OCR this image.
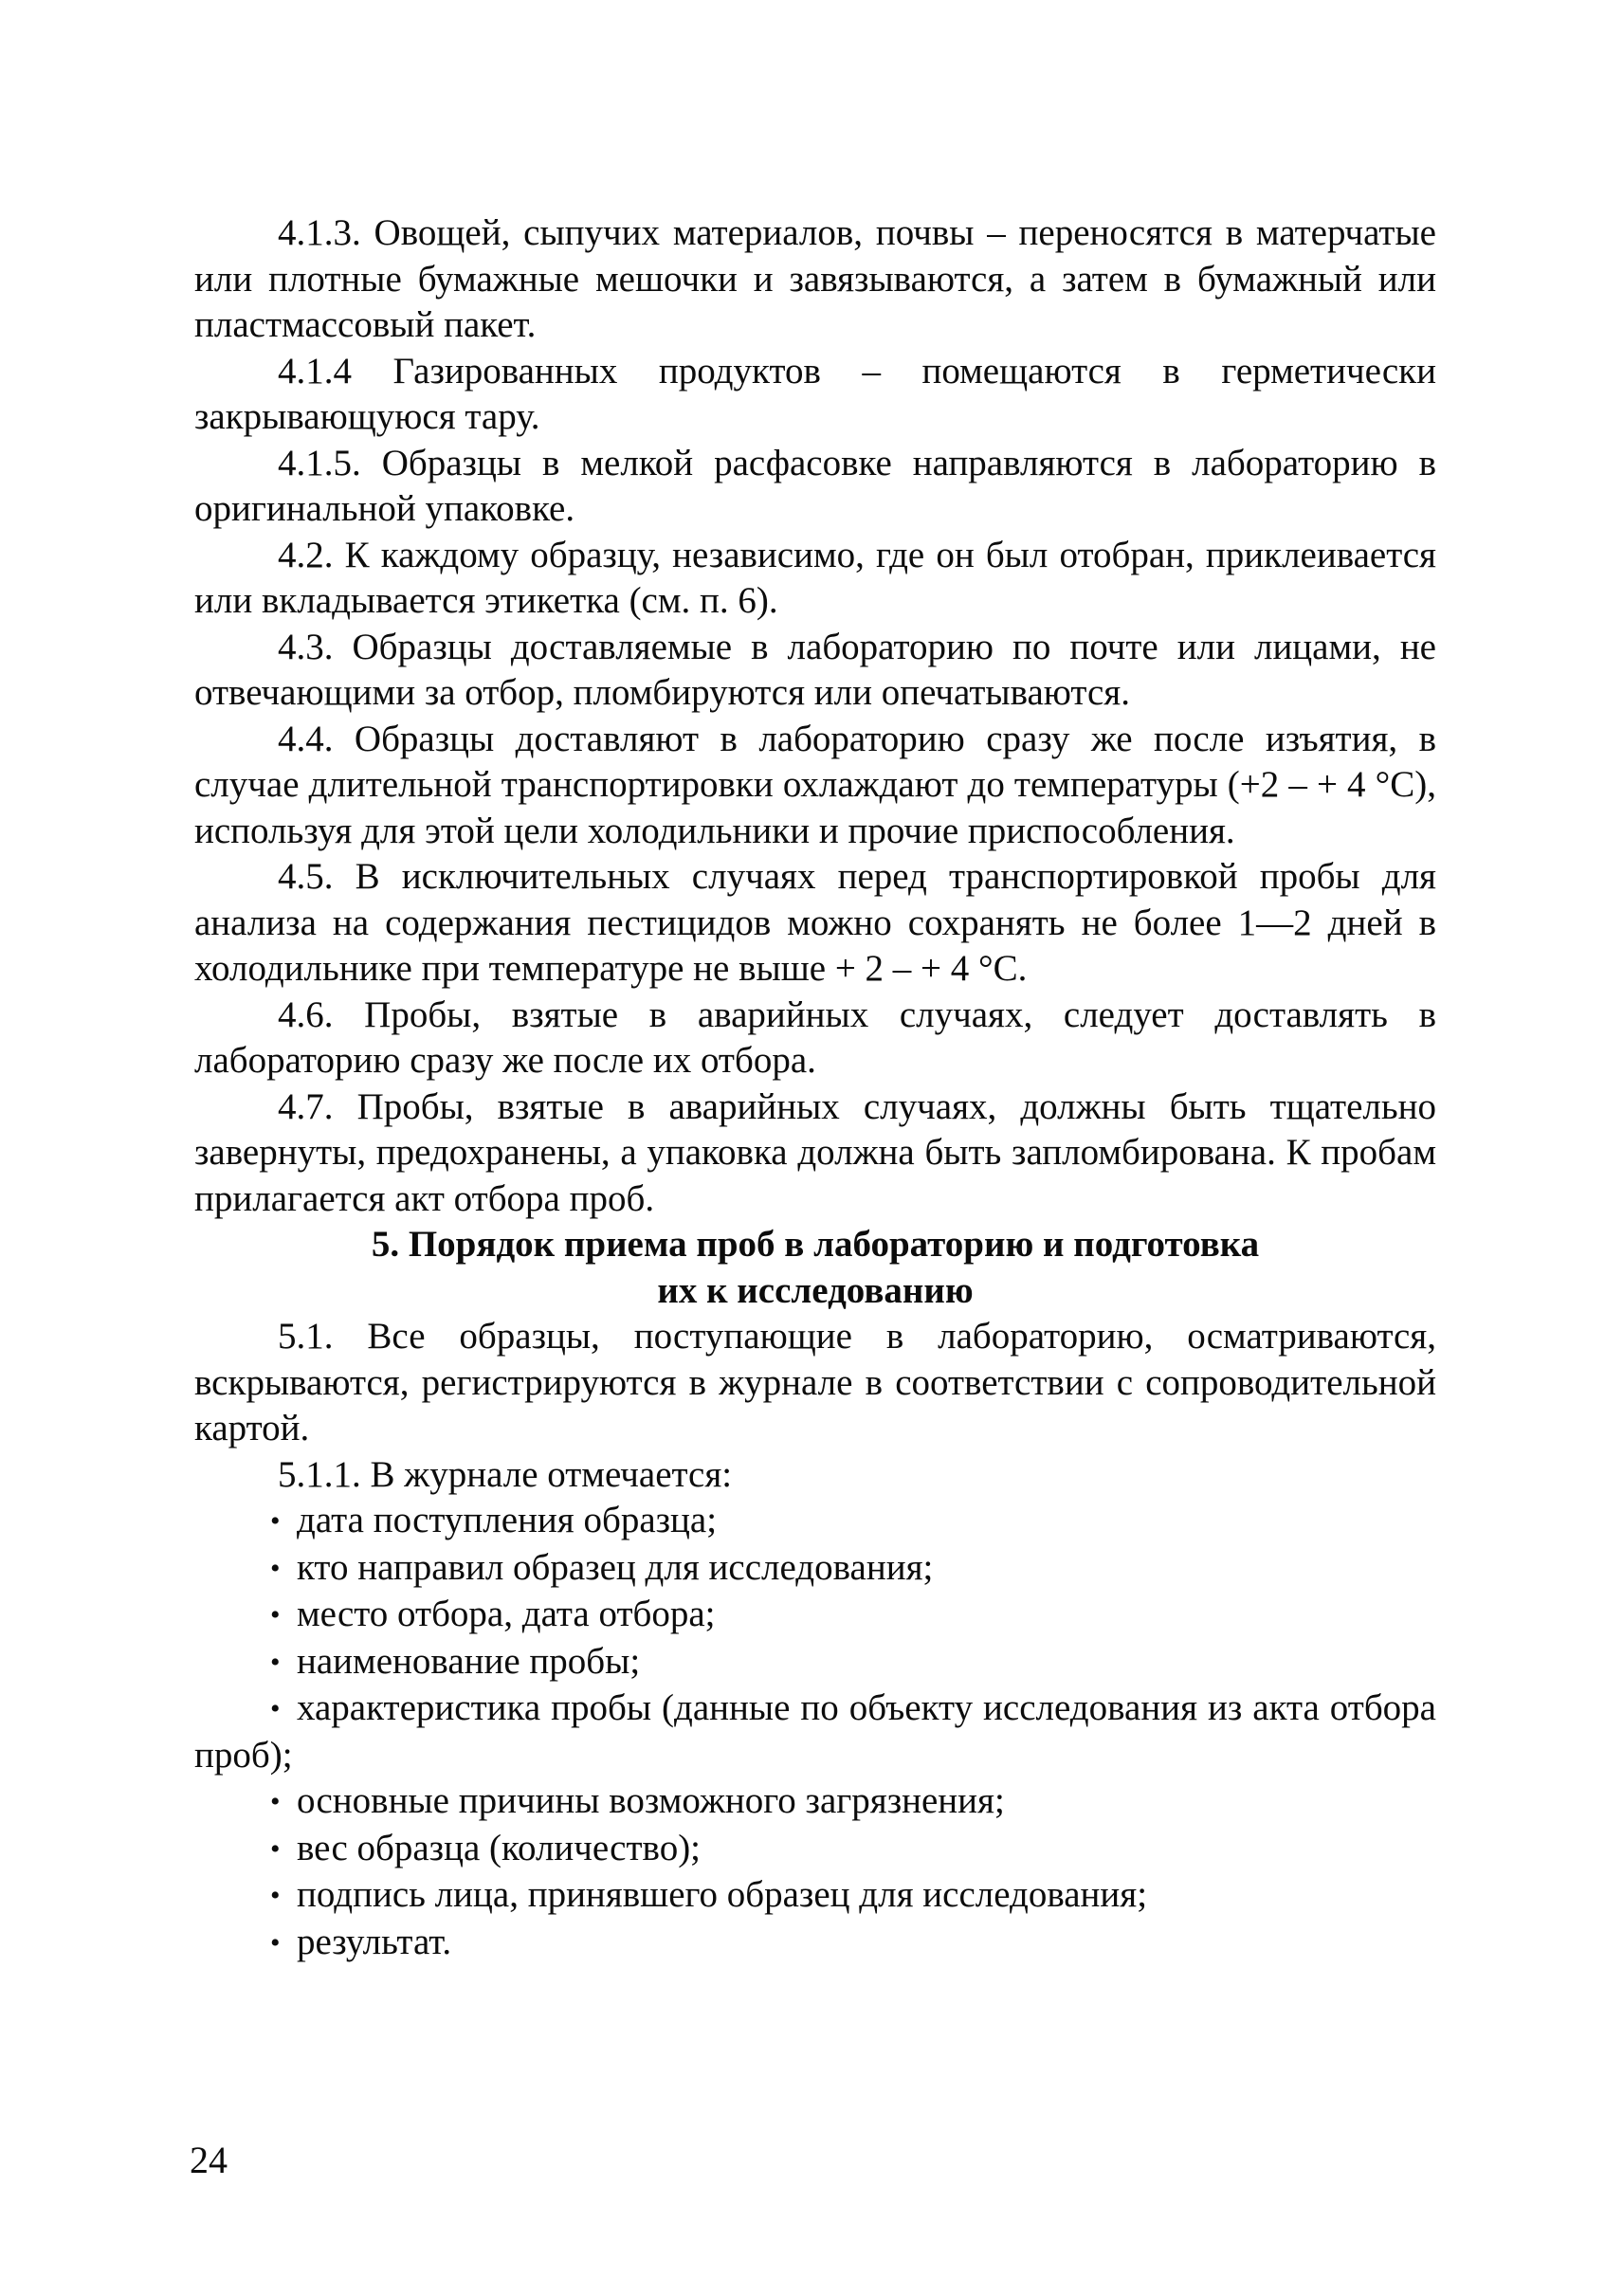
4.1.3. Овощей, сыпучих материалов, почвы – переносятся в матерчатые или плотные бумажные мешочки и завязываются, а затем в бумажный или пластмассовый пакет.

4.1.4 Газированных продуктов – помещаются в герметически закрывающуюся тару.

4.1.5. Образцы в мелкой расфасовке направляются в лабораторию в оригинальной упаковке.

4.2. К каждому образцу, независимо, где он был отобран, приклеивается или вкладывается этикетка (см. п. 6).

4.3. Образцы доставляемые в лабораторию по почте или лицами, не отвечающими за отбор, пломбируются или опечатываются.

4.4. Образцы доставляют в лабораторию сразу же после изъятия, в случае длительной транспортировки охлаждают до температуры (+2 – + 4 °С), используя для этой цели холодильники и прочие приспособления.

4.5. В исключительных случаях перед транспортировкой пробы для анализа на содержания пестицидов можно сохранять не более 1—2 дней в холодильнике при температуре не выше + 2 – + 4 °С.

4.6. Пробы, взятые в аварийных случаях, следует доставлять в лабораторию сразу же после их отбора.

4.7. Пробы, взятые в аварийных случаях, должны быть тщательно завернуты, предохранены, а упаковка должна быть запломбирована. К пробам прилагается акт отбора проб.

5. Порядок приема проб в лабораторию и подготовка
их к исследованию

5.1. Все образцы, поступающие в лабораторию, осматриваются, вскрываются, регистрируются в журнале в соответствии с сопроводительной картой.

5.1.1. В журнале отмечается:

• дата поступления образца;
• кто направил образец для исследования;
• место отбора, дата отбора;
• наименование пробы;
• характеристика пробы (данные по объекту исследования из акта отбора проб);
• основные причины возможного загрязнения;
• вес образца (количество);
• подпись лица, принявшего образец для исследования;
• результат.
24
